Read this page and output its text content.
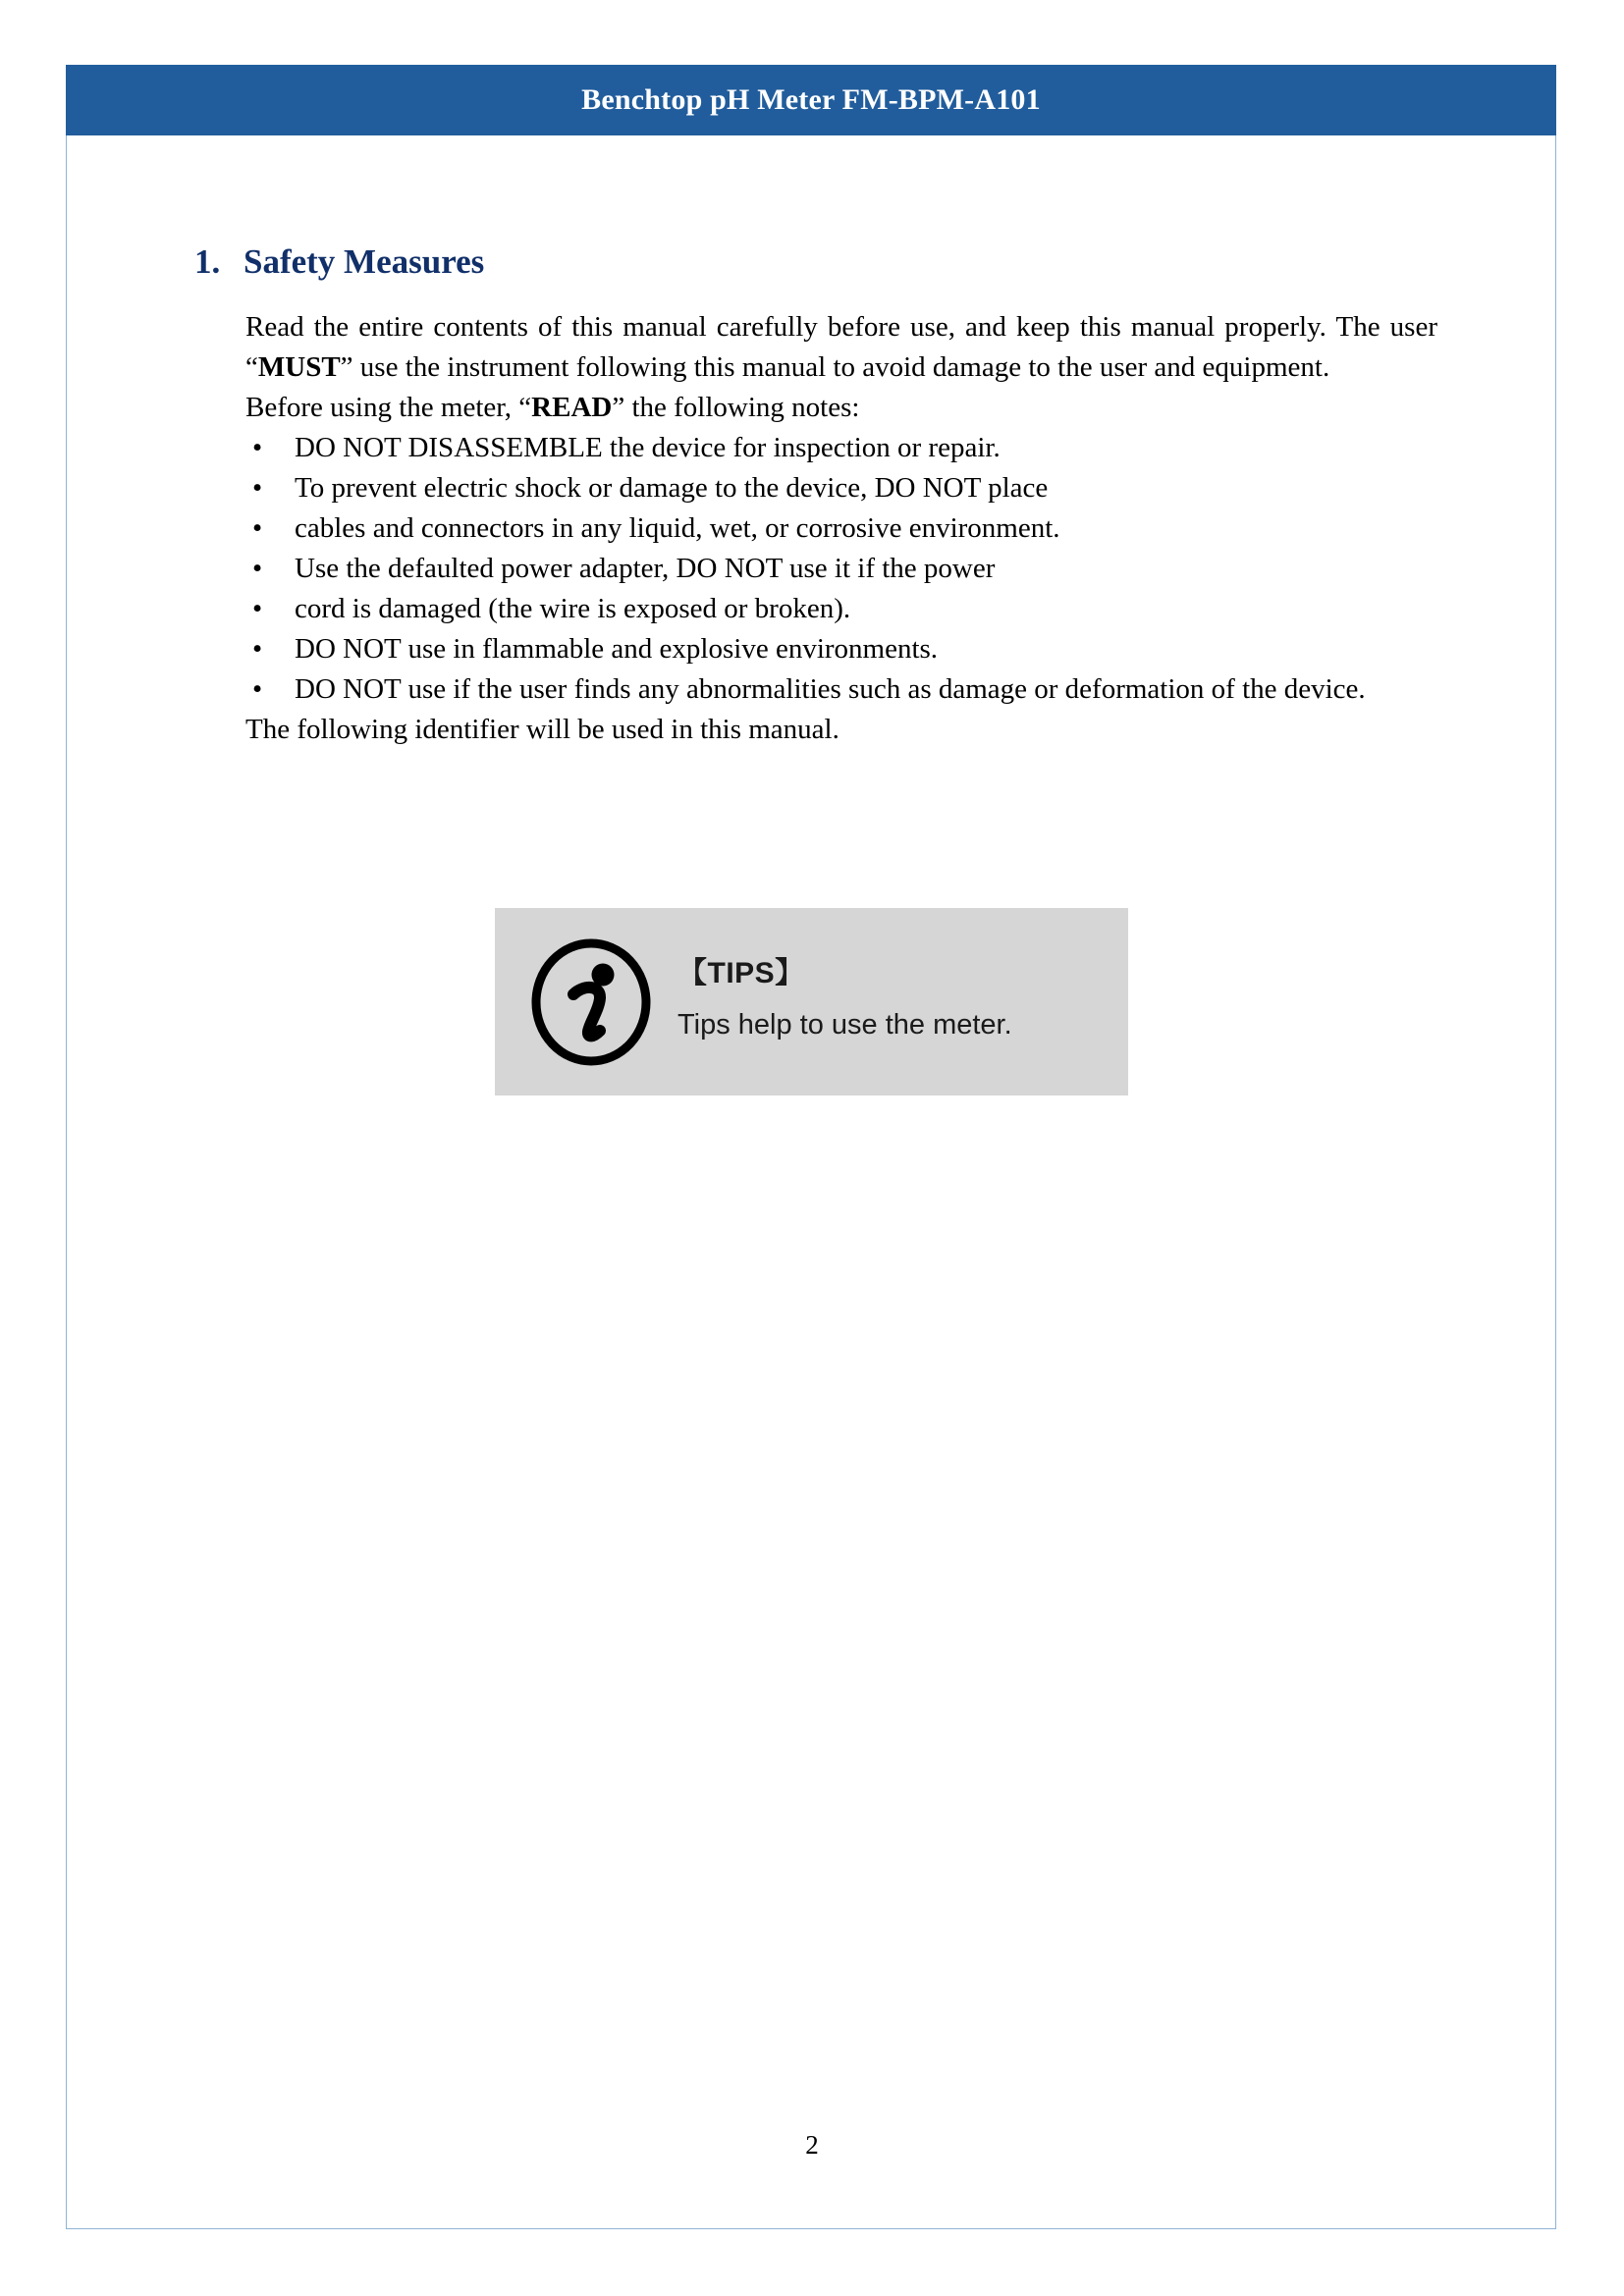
Benchtop pH Meter FM-BPM-A101
1. Safety Measures

Read the entire contents of this manual carefully before use, and keep this manual properly. The user “MUST” use the instrument following this manual to avoid damage to the user and equipment.

Before using the meter, “READ” the following notes:

• DO NOT DISASSEMBLE the device for inspection or repair.
• To prevent electric shock or damage to the device, DO NOT place
• cables and connectors in any liquid, wet, or corrosive environment.
• Use the defaulted power adapter, DO NOT use it if the power
• cord is damaged (the wire is exposed or broken).
• DO NOT use in flammable and explosive environments.
• DO NOT use if the user finds any abnormalities such as damage or deformation of the device.

The following identifier will be used in this manual.

【TIPS】
Tips help to use the meter.
2
